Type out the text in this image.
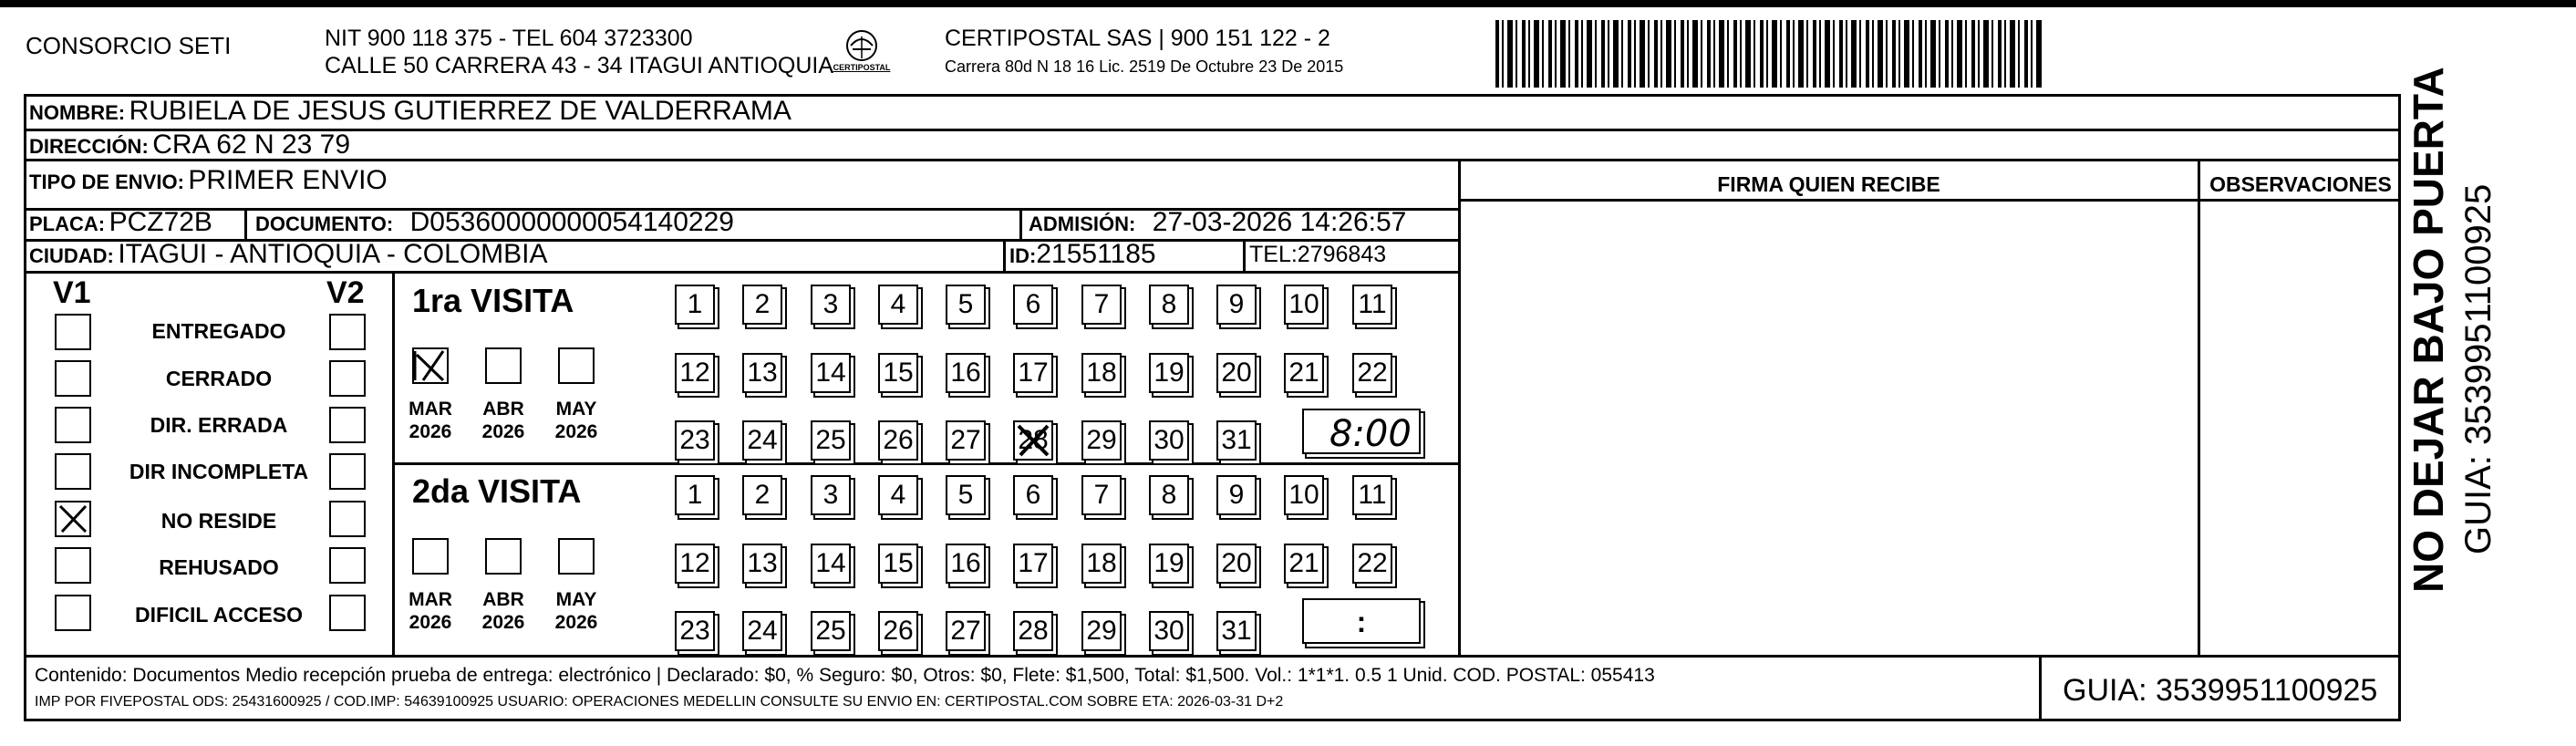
CONSORCIO SETI	NIT 900 118 375 - TEL 604 3723300
CALLE 50 CARRERA 43 - 34 ITAGUI ANTIOQUIA CERTIPOSTAL
CERTIPOSTAL SAS | 900 151 122 - 2
Carrera 80d N 18 16 Lic. 2519 De Octubre 23 De 2015
NOMBRE: RUBIELA DE JESUS GUTIERREZ DE VALDERRAMA
DIRECCIÓN: CRA 62 N 23 79
TIPO DE ENVIO: PRIMER ENVIO	FIRMA QUIEN RECIBE	OBSERVACIONES
PLACA: PCZ72B DOCUMENTO: D05360000000054140229	ADMISIÓN: 27-03-2026 14:26:57
CIUDAD: ITAGUI - ANTIOQUIA - COLOMBIA	ID:21551185	TEL:2796843
V1	V2
ENTREGADO
CERRADO
DIR. ERRADA
DIR INCOMPLETA
NO RESIDE
REHUSADO
DIFICIL ACCESO
1ra VISITA
MAR
2026
ABR
2026
MAY
2026
1	2	3	4	5	6	7	8	9	10 11
12 13 14 15 16 17 18 19 20 21 22
23 24 25 26 27 28 29 30 31 8:00
2da VISITA
MAR
2026
ABR
2026
MAY
2026
1	2	3	4	5	6	7	8	9	10 11
12 13 14 15 16 17 18 19 20 21 22
23 24 25 26 27 28 29 30 31	:
Contenido: Documentos Medio recepción prueba de entrega: electrónico | Declarado: $0, % Seguro: $0, Otros: $0, Flete: $1,500, Total: $1,500. Vol.: 1*1*1. 0.5 1 Unid. COD. POSTAL: 055413
IMP POR FIVEPOSTAL ODS: 25431600925 / COD.IMP: 54639100925 USUARIO: OPERACIONES MEDELLIN CONSULTE SU ENVIO EN: CERTIPOSTAL.COM SOBRE ETA: 2026-03-31 D+2	GUIA: 3539951100925
NO DEJAR BAJO PUERTA GUIA: 3539951100925
